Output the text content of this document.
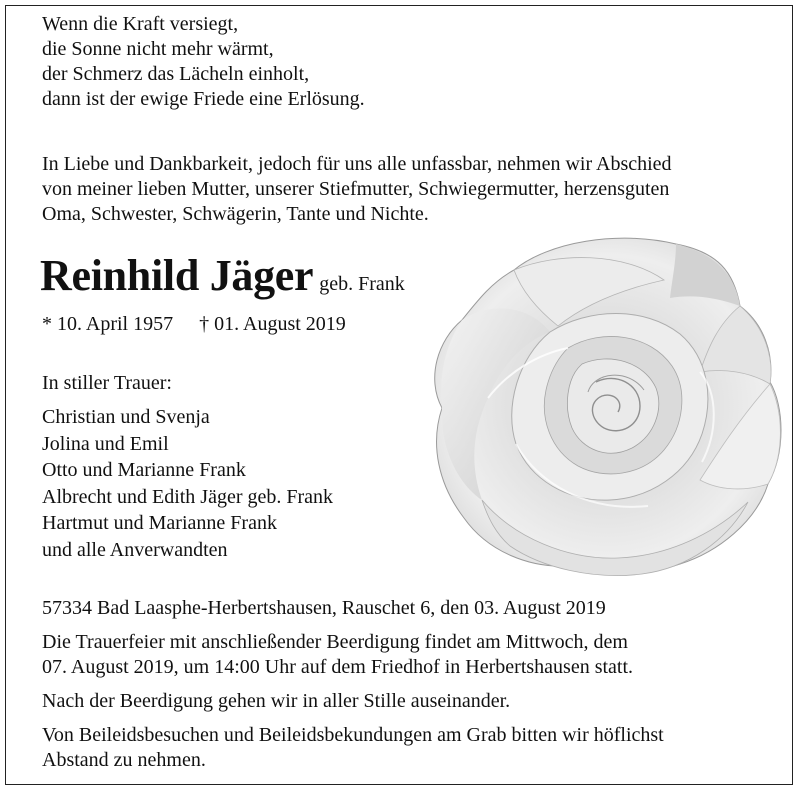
Wenn die Kraft versiegt,
die Sonne nicht mehr wärmt,
der Schmerz das Lächeln einholt,
dann ist der ewige Friede eine Erlösung.
In Liebe und Dankbarkeit, jedoch für uns alle unfassbar, nehmen wir Abschied
von meiner lieben Mutter, unserer Stiefmutter, Schwiegermutter, herzensguten
Oma, Schwester, Schwägerin, Tante und Nichte.
Reinhild Jäger geb. Frank
* 10. April 1957 † 01. August 2019
In stiller Trauer:
Christian und Svenja
Jolina und Emil
Otto und Marianne Frank
Albrecht und Edith Jäger geb. Frank
Hartmut und Marianne Frank
und alle Anverwandten

57334 Bad Laasphe-Herbertshausen, Rauschet 6, den 03. August 2019

Die Trauerfeier mit anschließender Beerdigung findet am Mittwoch, dem
07. August 2019, um 14:00 Uhr auf dem Friedhof in Herbertshausen statt.

Nach der Beerdigung gehen wir in aller Stille auseinander.

Von Beileidsbesuchen und Beileidsbekundungen am Grab bitten wir höflichst
Abstand zu nehmen.
